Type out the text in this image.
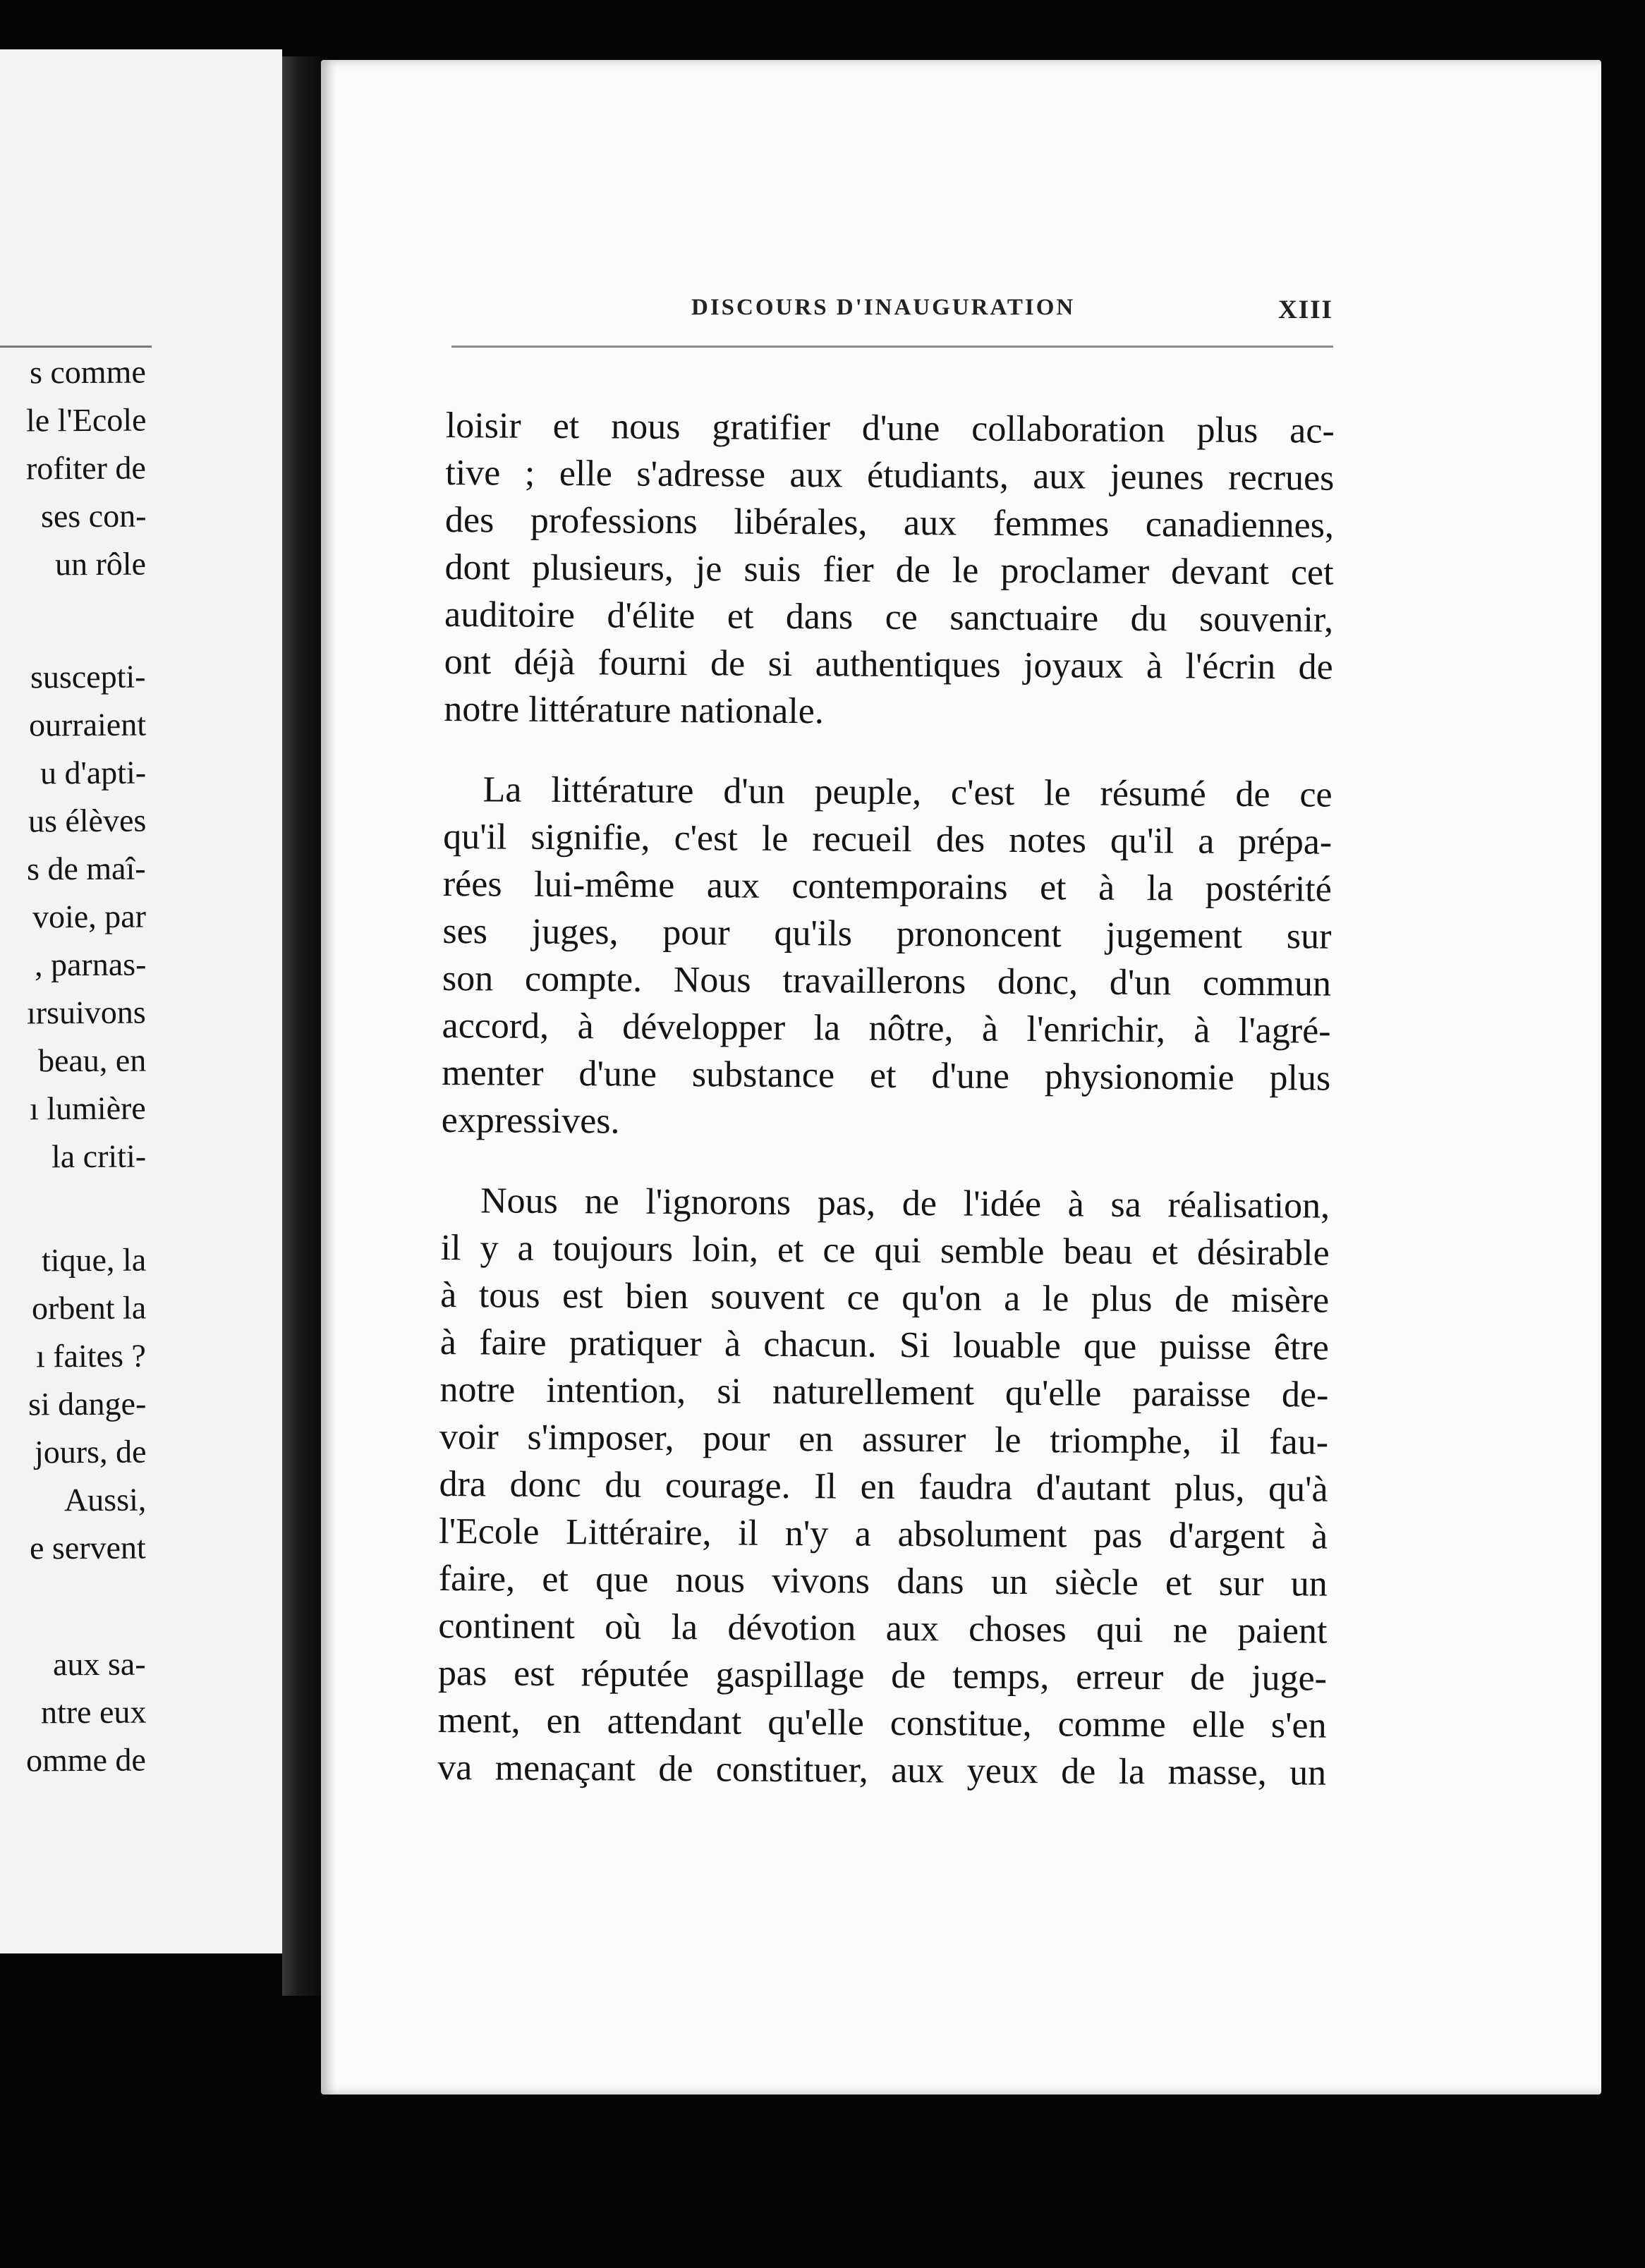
s comme
le l'Ecole
rofiter de
ses con-
un rôle
suscepti-
ourraient
u d'apti-
us élèves
s de maî-
voie, par
, parnas-
ırsuivons
beau, en
ı lumière
la criti-
tique, la
orbent la
ı faites ?
si dange-
jours, de
Aussi,
e servent
aux sa-
ntre eux
omme de
DISCOURS D'INAUGURATION	XIII
loisir et nous gratifier d'une collaboration plus ac-
tive ; elle s'adresse aux étudiants, aux jeunes recrues
des professions libérales, aux femmes canadiennes,
dont plusieurs, je suis fier de le proclamer devant cet
auditoire d'élite et dans ce sanctuaire du souvenir,
ont déjà fourni de si authentiques joyaux à l'écrin de
notre littérature nationale.
La littérature d'un peuple, c'est le résumé de ce
qu'il signifie, c'est le recueil des notes qu'il a prépa-
rées lui-même aux contemporains et à la postérité
ses juges, pour qu'ils prononcent jugement sur
son compte. Nous travaillerons donc, d'un commun
accord, à développer la nôtre, à l'enrichir, à l'agré-
menter d'une substance et d'une physionomie plus
expressives.
Nous ne l'ignorons pas, de l'idée à sa réalisation,
il y a toujours loin, et ce qui semble beau et désirable
à tous est bien souvent ce qu'on a le plus de misère
à faire pratiquer à chacun. Si louable que puisse être
notre intention, si naturellement qu'elle paraisse de-
voir s'imposer, pour en assurer le triomphe, il fau-
dra donc du courage. Il en faudra d'autant plus, qu'à
l'Ecole Littéraire, il n'y a absolument pas d'argent à
faire, et que nous vivons dans un siècle et sur un
continent où la dévotion aux choses qui ne paient
pas est réputée gaspillage de temps, erreur de juge-
ment, en attendant qu'elle constitue, comme elle s'en
va menaçant de constituer, aux yeux de la masse, un
